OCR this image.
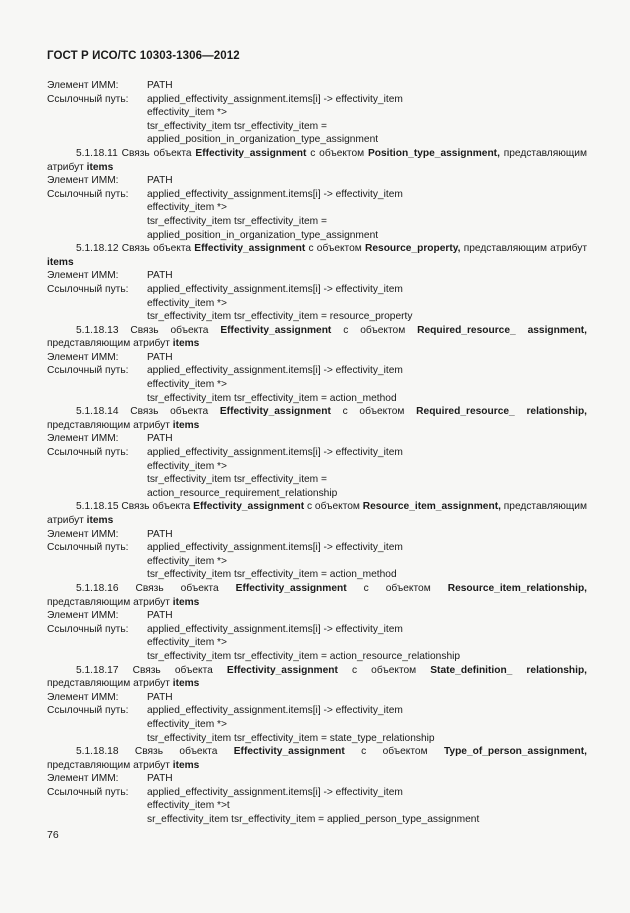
ГОСТ Р ИСО/ТС 10303-1306—2012
Элемент ИММ:	PATH
Ссылочный путь: applied_effectivity_assignment.items[i] -> effectivity_item
effectivity_item *>
tsr_effectivity_item tsr_effectivity_item =
applied_position_in_organization_type_assignment
5.1.18.11 Связь объекта Effectivity_assignment с объектом Position_type_assignment, представляющим атрибут items
Элемент ИММ:	PATH
Сcылочный путь: applied_effectivity_assignment.items[i] -> effectivity_item
effectivity_item *>
tsr_effectivity_item tsr_effectivity_item =
applied_position_in_organization_type_assignment
5.1.18.12 Связь объекта Effectivity_assignment с объектом Resource_property, представляющим атрибут items
Элемент ИММ:	PATH
Сcылочный путь: applied_effectivity_assignment.items[i] -> effectivity_item
effectivity_item *>
tsr_effectivity_item tsr_effectivity_item = resource_property
5.1.18.13 Связь объекта Effectivity_assignment с объектом Required_resource_ assignment, представляющим атрибут items
Элемент ИММ:	PATH
Сcылочный путь: applied_effectivity_assignment.items[i] -> effectivity_item
effectivity_item *>
tsr_effectivity_item tsr_effectivity_item = action_method
5.1.18.14 Связь объекта Effectivity_assignment с объектом Required_resource_ relationship, представляющим атрибут items
Элемент ИММ:	PATH
Сcылочный путь: applied_effectivity_assignment.items[i] -> effectivity_item
effectivity_item *>
tsr_effectivity_item tsr_effectivity_item =
action_resource_requirement_relationship
5.1.18.15 Связь объекта Effectivity_assignment с объектом Resource_item_assignment, представляющим атрибут items
Элемент ИММ:	PATH
Сcылочный путь: applied_effectivity_assignment.items[i] -> effectivity_item
effectivity_item *>
tsr_effectivity_item tsr_effectivity_item = action_method
5.1.18.16 Связь объекта Effectivity_assignment с объектом Resource_item_relationship, представляющим атрибут items
Элемент ИММ:	PATH
Сcылочный путь: applied_effectivity_assignment.items[i] -> effectivity_item
effectivity_item *>
tsr_effectivity_item tsr_effectivity_item = action_resource_relationship
5.1.18.17 Связь объекта Effectivity_assignment с объектом State_definition_ relationship, представляющим атрибут items
Элемент ИММ:	PATH
Сcылочный путь: applied_effectivity_assignment.items[i] -> effectivity_item
effectivity_item *>
tsr_effectivity_item tsr_effectivity_item = state_type_relationship
5.1.18.18 Связь объекта Effectivity_assignment с объектом Type_of_person_assignment, представляющим атрибут items
Элемент ИММ:	PATH
Сcылочный путь: applied_effectivity_assignment.items[i] -> effectivity_item
effectivity_item *>t
sr_effectivity_item tsr_effectivity_item = applied_person_type_assignment
76
